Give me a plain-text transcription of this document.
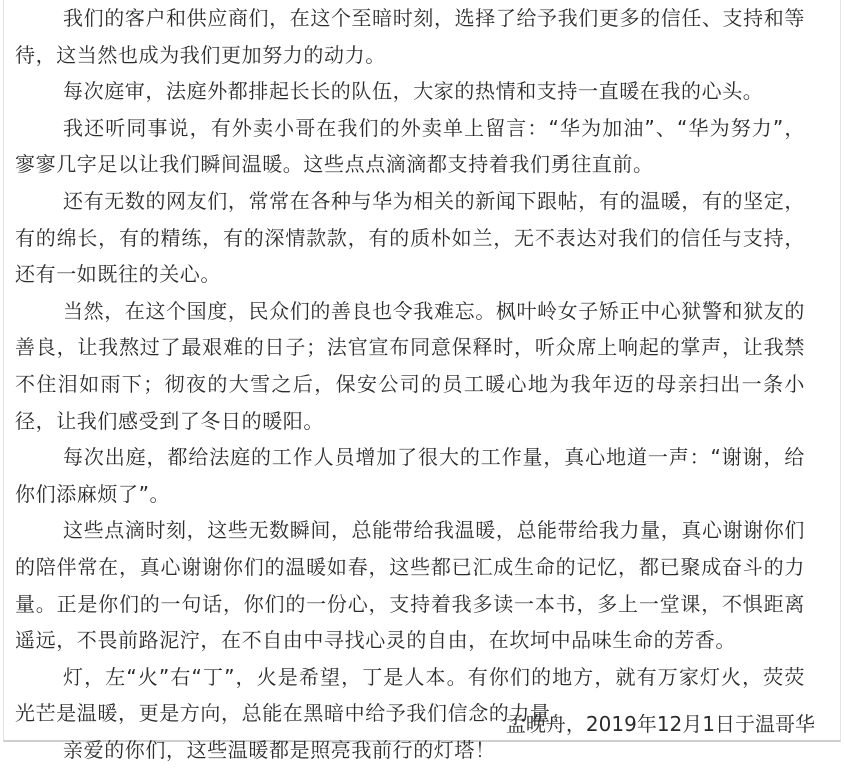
我们的客户和供应商们，在这个至暗时刻，选择了给予我们更多的信任、支持和等待，这当然也成为我们更加努力的动力。

每次庭审，法庭外都排起长长的队伍，大家的热情和支持一直暖在我的心头。

我还听同事说，有外卖小哥在我们的外卖单上留言：“华为加油”、“华为努力”，寥寥几字足以让我们瞬间温暖。这些点点滴滴都支持着我们勇往直前。

还有无数的网友们，常常在各种与华为相关的新闻下跟帖，有的温暖，有的坚定，有的绵长，有的精练，有的深情款款，有的质朴如兰，无不表达对我们的信任与支持，还有一如既往的关心。

当然，在这个国度，民众们的善良也令我难忘。枫叶岭女子矫正中心狱警和狱友的善良，让我熬过了最艰难的日子；法官宣布同意保释时，听众席上响起的掌声，让我禁不住泪如雨下；彻夜的大雪之后，保安公司的员工暖心地为我年迈的母亲扫出一条小径，让我们感受到了冬日的暖阳。

每次出庭，都给法庭的工作人员增加了很大的工作量，真心地道一声：“谢谢，给你们添麻烦了”。

这些点滴时刻，这些无数瞬间，总能带给我温暖，总能带给我力量，真心谢谢你们的陪伴常在，真心谢谢你们的温暖如春，这些都已汇成生命的记忆，都已聚成奋斗的力量。正是你们的一句话，你们的一份心，支持着我多读一本书，多上一堂课，不惧距离遥远，不畏前路泥泞，在不自由中寻找心灵的自由，在坎坷中品味生命的芳香。

灯，左“火”右“丁”，火是希望，丁是人本。有你们的地方，就有万家灯火，荧荧光芒是温暖，更是方向，总能在黑暗中给予我们信念的力量。

亲爱的你们，这些温暖都是照亮我前行的灯塔！

孟晚舟，2019年12月1日于温哥华
